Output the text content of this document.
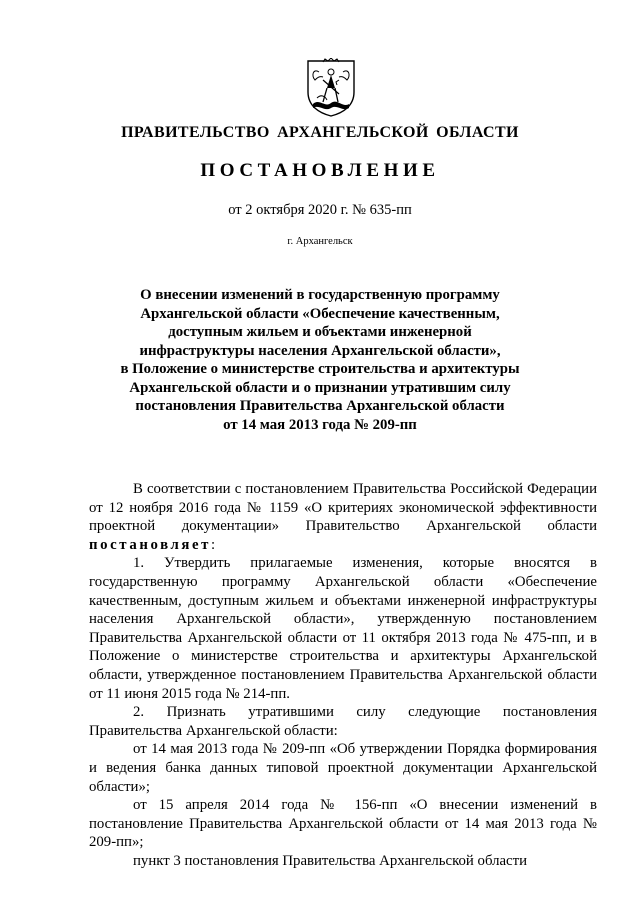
ПРАВИТЕЛЬСТВО АРХАНГЕЛЬСКОЙ ОБЛАСТИ
ПОСТАНОВЛЕНИЕ
от 2 октября 2020 г. № 635-пп
г. Архангельск
О внесении изменений в государственную программу
Архангельской области «Обеспечение качественным,
доступным жильем и объектами инженерной
инфраструктуры населения Архангельской области»,
в Положение о министерстве строительства и архитектуры
Архангельской области и о признании утратившим силу
постановления Правительства Архангельской области
от 14 мая 2013 года № 209-пп

В соответствии с постановлением Правительства Российской Федерации от 12 ноября 2016 года № 1159 «О критериях экономической эффективности проектной документации» Правительство Архангельской области постановляет:

1. Утвердить прилагаемые изменения, которые вносятся в государственную программу Архангельской области «Обеспечение качественным, доступным жильем и объектами инженерной инфраструктуры населения Архангельской области», утвержденную постановлением Правительства Архангельской области от 11 октября 2013 года № 475-пп, и в Положение о министерстве строительства и архитектуры Архангельской области, утвержденное постановлением Правительства Архангельской области от 11 июня 2015 года № 214-пп.

2. Признать утратившими силу следующие постановления Правительства Архангельской области:

от 14 мая 2013 года № 209-пп «Об утверждении Порядка формирования и ведения банка данных типовой проектной документации Архангельской области»;

от 15 апреля 2014 года № 156-пп «О внесении изменений в постановление Правительства Архангельской области от 14 мая 2013 года № 209-пп»;

пункт 3 постановления Правительства Архангельской области
